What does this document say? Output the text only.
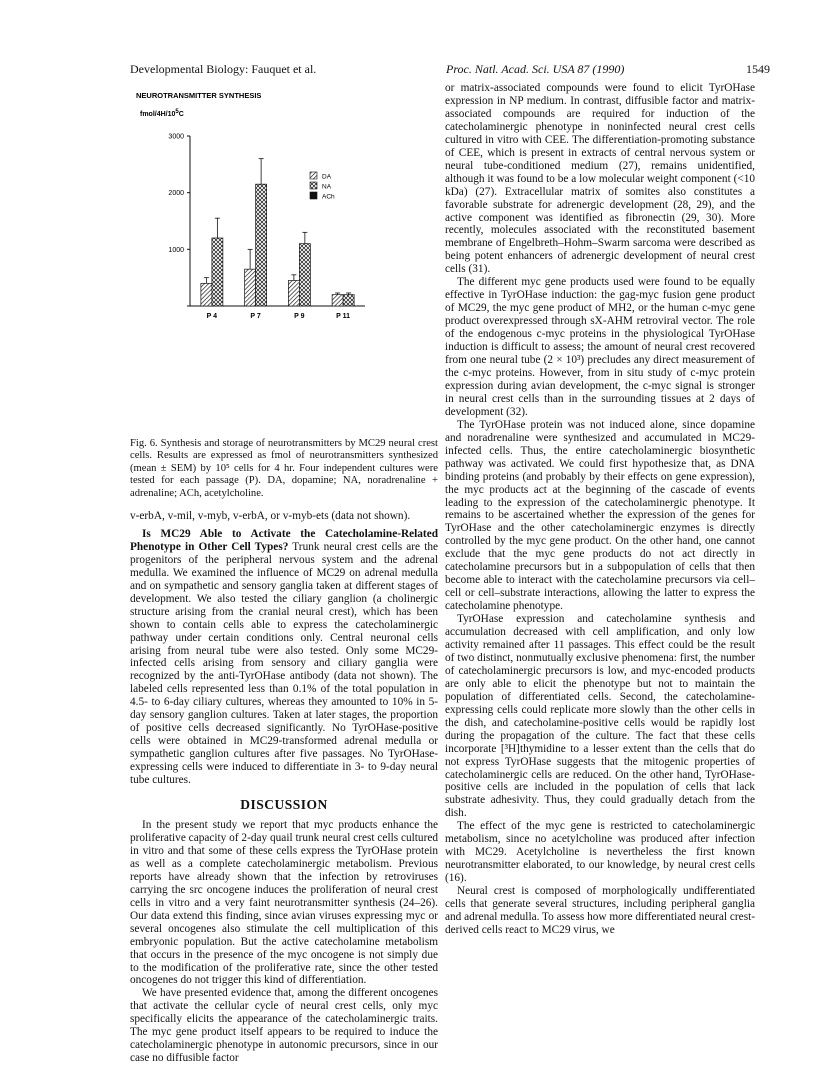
Developmental Biology: Fauquet et al.	Proc. Natl. Acad. Sci. USA 87 (1990)	1549
NEUROTRANSMITTER SYNTHESIS
fmol/4H/105C
1000
2000
3000
P 4	P 7	P 9	P 11
DA
NA
ACh
Fig. 6. Synthesis and storage of neurotransmitters by MC29 neural crest cells. Results are expressed as fmol of neurotransmitters synthesized (mean ± SEM) by 10⁵ cells for 4 hr. Four independent cultures were tested for each passage (P). DA, dopamine; NA, noradrenaline + adrenaline; ACh, acetylcholine.

v-erbA, v-mil, v-myb, v-erbA, or v-myb-ets (data not shown).

Is MC29 Able to Activate the Catecholamine-Related Phenotype in Other Cell Types? Trunk neural crest cells are the progenitors of the peripheral nervous system and the adrenal medulla. We examined the influence of MC29 on adrenal medulla and on sympathetic and sensory ganglia taken at different stages of development. We also tested the ciliary ganglion (a cholinergic structure arising from the cranial neural crest), which has been shown to contain cells able to express the catecholaminergic pathway under certain conditions only. Central neuronal cells arising from neural tube were also tested. Only some MC29-infected cells arising from sensory and ciliary ganglia were recognized by the anti-TyrOHase antibody (data not shown). The labeled cells represented less than 0.1% of the total population in 4.5- to 6-day ciliary cultures, whereas they amounted to 10% in 5-day sensory ganglion cultures. Taken at later stages, the proportion of positive cells decreased significantly. No TyrOHase-positive cells were obtained in MC29-transformed adrenal medulla or sympathetic ganglion cultures after five passages. No TyrOHase-expressing cells were induced to differentiate in 3- to 9-day neural tube cultures.

DISCUSSION

In the present study we report that myc products enhance the proliferative capacity of 2-day quail trunk neural crest cells cultured in vitro and that some of these cells express the TyrOHase protein as well as a complete catecholaminergic metabolism. Previous reports have already shown that the infection by retroviruses carrying the src oncogene induces the proliferation of neural crest cells in vitro and a very faint neurotransmitter synthesis (24–26). Our data extend this finding, since avian viruses expressing myc or several oncogenes also stimulate the cell multiplication of this embryonic population. But the active catecholamine metabolism that occurs in the presence of the myc oncogene is not simply due to the modification of the proliferative rate, since the other tested oncogenes do not trigger this kind of differentiation.

We have presented evidence that, among the different oncogenes that activate the cellular cycle of neural crest cells, only myc specifically elicits the appearance of the catecholaminergic traits. The myc gene product itself appears to be required to induce the catecholaminergic phenotype in autonomic precursors, since in our case no diffusible factor

or matrix-associated compounds were found to elicit TyrOHase expression in NP medium. In contrast, diffusible factor and matrix-associated compounds are required for induction of the catecholaminergic phenotype in noninfected neural crest cells cultured in vitro with CEE. The differentiation-promoting substance of CEE, which is present in extracts of central nervous system or neural tube-conditioned medium (27), remains unidentified, although it was found to be a low molecular weight component (<10 kDa) (27). Extracellular matrix of somites also constitutes a favorable substrate for adrenergic development (28, 29), and the active component was identified as fibronectin (29, 30). More recently, molecules associated with the reconstituted basement membrane of Engelbreth–Hohm–Swarm sarcoma were described as being potent enhancers of adrenergic development of neural crest cells (31).

The different myc gene products used were found to be equally effective in TyrOHase induction: the gag-myc fusion gene product of MC29, the myc gene product of MH2, or the human c-myc gene product overexpressed through sX-AHM retroviral vector. The role of the endogenous c-myc proteins in the physiological TyrOHase induction is difficult to assess; the amount of neural crest recovered from one neural tube (2 × 10³) precludes any direct measurement of the c-myc proteins. However, from in situ study of c-myc protein expression during avian development, the c-myc signal is stronger in neural crest cells than in the surrounding tissues at 2 days of development (32).

The TyrOHase protein was not induced alone, since dopamine and noradrenaline were synthesized and accumulated in MC29-infected cells. Thus, the entire catecholaminergic biosynthetic pathway was activated. We could first hypothesize that, as DNA binding proteins (and probably by their effects on gene expression), the myc products act at the beginning of the cascade of events leading to the expression of the catecholaminergic phenotype. It remains to be ascertained whether the expression of the genes for TyrOHase and the other catecholaminergic enzymes is directly controlled by the myc gene product. On the other hand, one cannot exclude that the myc gene products do not act directly in catecholamine precursors but in a subpopulation of cells that then become able to interact with the catecholamine precursors via cell–cell or cell–substrate interactions, allowing the latter to express the catecholamine phenotype.

TyrOHase expression and catecholamine synthesis and accumulation decreased with cell amplification, and only low activity remained after 11 passages. This effect could be the result of two distinct, nonmutually exclusive phenomena: first, the number of catecholaminergic precursors is low, and myc-encoded products are only able to elicit the phenotype but not to maintain the population of differentiated cells. Second, the catecholamine-expressing cells could replicate more slowly than the other cells in the dish, and catecholamine-positive cells would be rapidly lost during the propagation of the culture. The fact that these cells incorporate [³H]thymidine to a lesser extent than the cells that do not express TyrOHase suggests that the mitogenic properties of catecholaminergic cells are reduced. On the other hand, TyrOHase-positive cells are included in the population of cells that lack substrate adhesivity. Thus, they could gradually detach from the dish.

The effect of the myc gene is restricted to catecholaminergic metabolism, since no acetylcholine was produced after infection with MC29. Acetylcholine is nevertheless the first known neurotransmitter elaborated, to our knowledge, by neural crest cells (16).

Neural crest is composed of morphologically undifferentiated cells that generate several structures, including peripheral ganglia and adrenal medulla. To assess how more differentiated neural crest-derived cells react to MC29 virus, we
